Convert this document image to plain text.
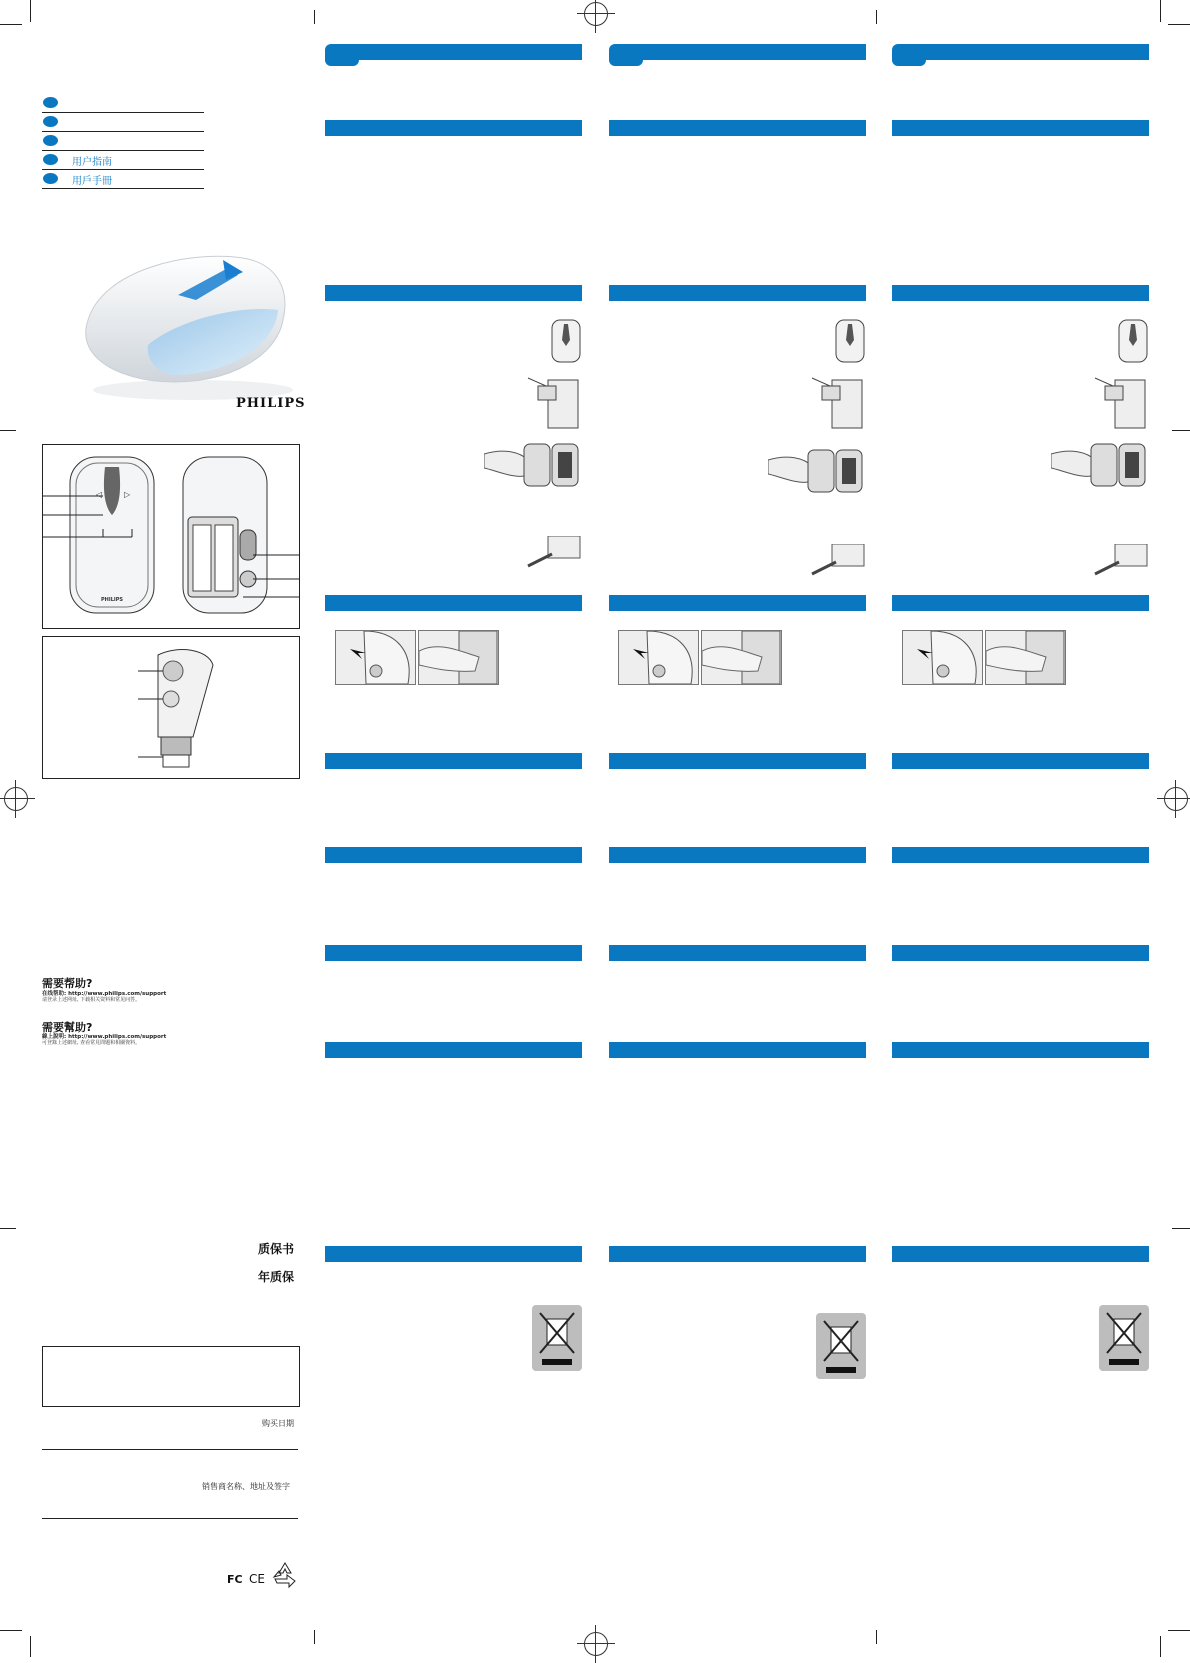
用户指南
用戶手冊
PHILIPS
◁	▷
PHILIPS
需要帮助?
在线帮助: http://www.philips.com/support
请登录上述网址, 下载相关资料和常见问答。
需要幫助?
線上說明: http://www.philips.com/support
可登錄上述網址, 查看常見問題和相關資料。
质保书
年质保
购买日期
销售商名称、地址及签字
FC CE
